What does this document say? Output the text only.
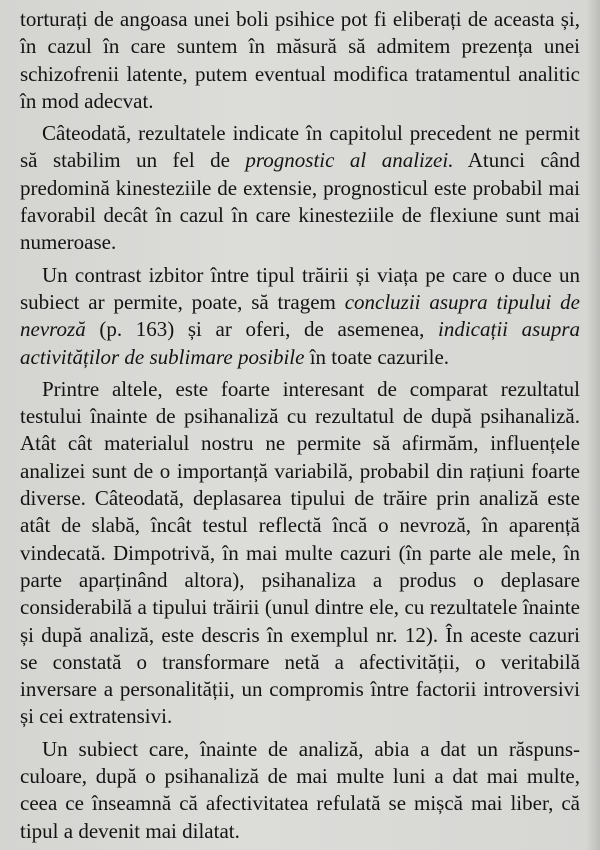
torturați de angoasa unei boli psihice pot fi eliberați de aceasta și, în cazul în care suntem în măsură să admitem prezența unei schizofrenii latente, putem eventual modifica tratamentul analitic în mod adecvat.

Câteodată, rezultatele indicate în capitolul precedent ne permit să stabilim un fel de prognostic al analizei. Atunci când predomină kinesteziile de extensie, prognosticul este probabil mai favorabil decât în cazul în care kinesteziile de flexiune sunt mai numeroase.

Un contrast izbitor între tipul trăirii și viața pe care o duce un subiect ar permite, poate, să tragem concluzii asupra tipului de nevroză (p. 163) și ar oferi, de asemenea, indicații asupra activităților de sublimare posibile în toate cazurile.

Printre altele, este foarte interesant de comparat rezultatul testului înainte de psihanaliză cu rezultatul de după psihanaliză. Atât cât materialul nostru ne permite să afirmăm, influențele analizei sunt de o importanță variabilă, probabil din rațiuni foarte diverse. Câteodată, deplasarea tipului de trăire prin analiză este atât de slabă, încât testul reflectă încă o nevroză, în aparență vindecată. Dimpotrivă, în mai multe cazuri (în parte ale mele, în parte aparținând altora), psihanaliza a produs o deplasare considerabilă a tipului trăirii (unul dintre ele, cu rezultatele înainte și după analiză, este descris în exemplul nr. 12). În aceste cazuri se constată o transformare netă a afectivității, o veritabilă inversare a personalității, un compromis între factorii introversivi și cei extratensivi.

Un subiect care, înainte de analiză, abia a dat un răspuns-culoare, după o psihanaliză de mai multe luni a dat mai multe, ceea ce înseamnă că afectivitatea refulată se mișcă mai liber, că tipul a devenit mai dilatat.
